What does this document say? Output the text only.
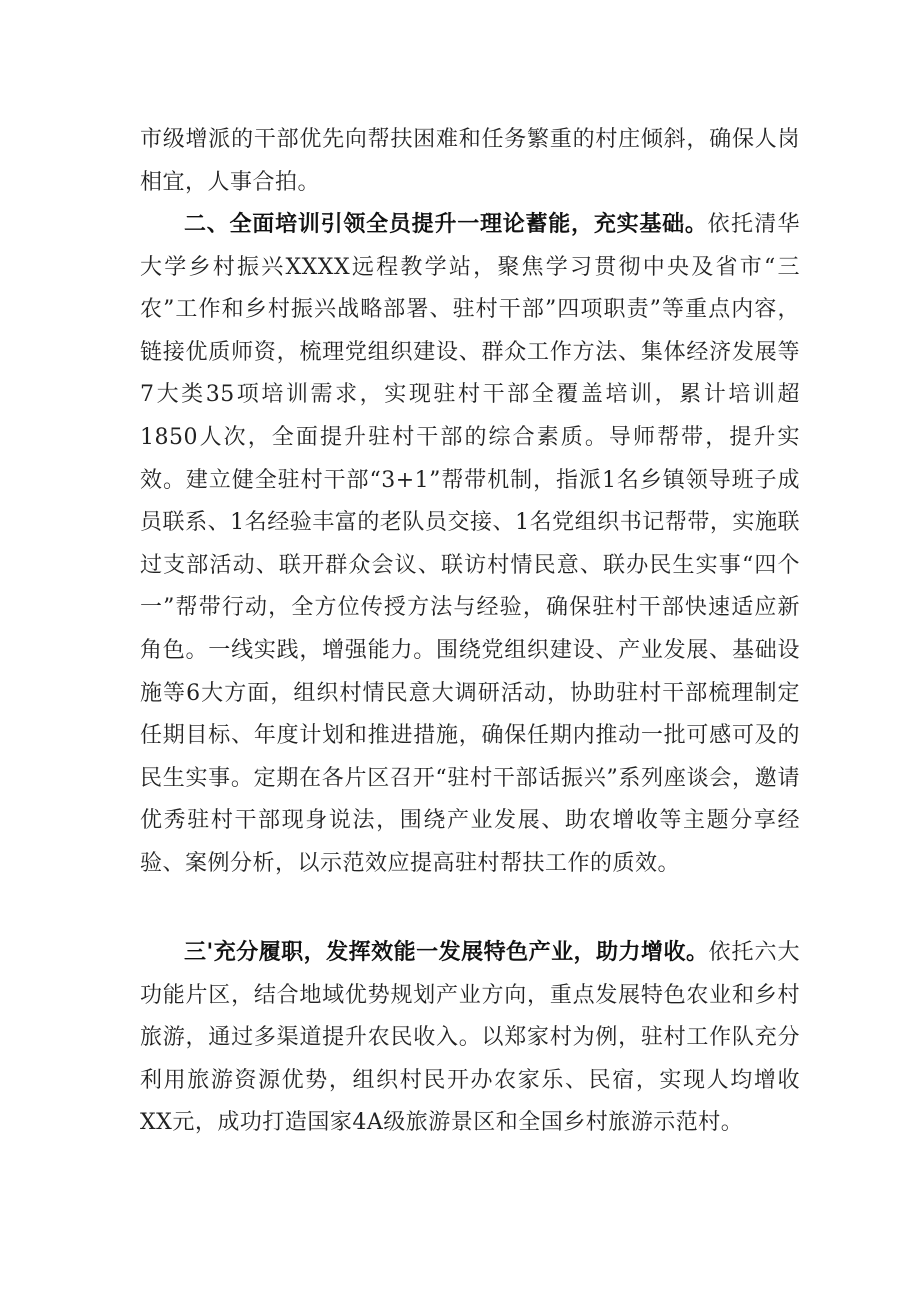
市级增派的干部优先向帮扶困难和任务繁重的村庄倾斜，确保人岗相宜，人事合拍。

二、全面培训引领全员提升一理论蓄能，充实基础。依托清华大学乡村振兴XXXX远程教学站，聚焦学习贯彻中央及省市“三农”工作和乡村振兴战略部署、驻村干部”四项职责”等重点内容，链接优质师资，梳理党组织建设、群众工作方法、集体经济发展等7大类35项培训需求，实现驻村干部全覆盖培训，累计培训超1850人次，全面提升驻村干部的综合素质。导师帮带，提升实效。建立健全驻村干部“3+1”帮带机制，指派1名乡镇领导班子成员联系、1名经验丰富的老队员交接、1名党组织书记帮带，实施联过支部活动、联开群众会议、联访村情民意、联办民生实事“四个一”帮带行动，全方位传授方法与经验，确保驻村干部快速适应新角色。一线实践，增强能力。围绕党组织建设、产业发展、基础设施等6大方面，组织村情民意大调研活动，协助驻村干部梳理制定任期目标、年度计划和推进措施，确保任期内推动一批可感可及的民生实事。定期在各片区召开“驻村干部话振兴”系列座谈会，邀请优秀驻村干部现身说法，围绕产业发展、助农增收等主题分享经验、案例分析，以示范效应提高驻村帮扶工作的质效。

三'充分履职，发挥效能一发展特色产业，助力增收。依托六大功能片区，结合地域优势规划产业方向，重点发展特色农业和乡村旅游，通过多渠道提升农民收入。以郑家村为例，驻村工作队充分利用旅游资源优势，组织村民开办农家乐、民宿，实现人均增收XX元，成功打造国家4A级旅游景区和全国乡村旅游示范村。
